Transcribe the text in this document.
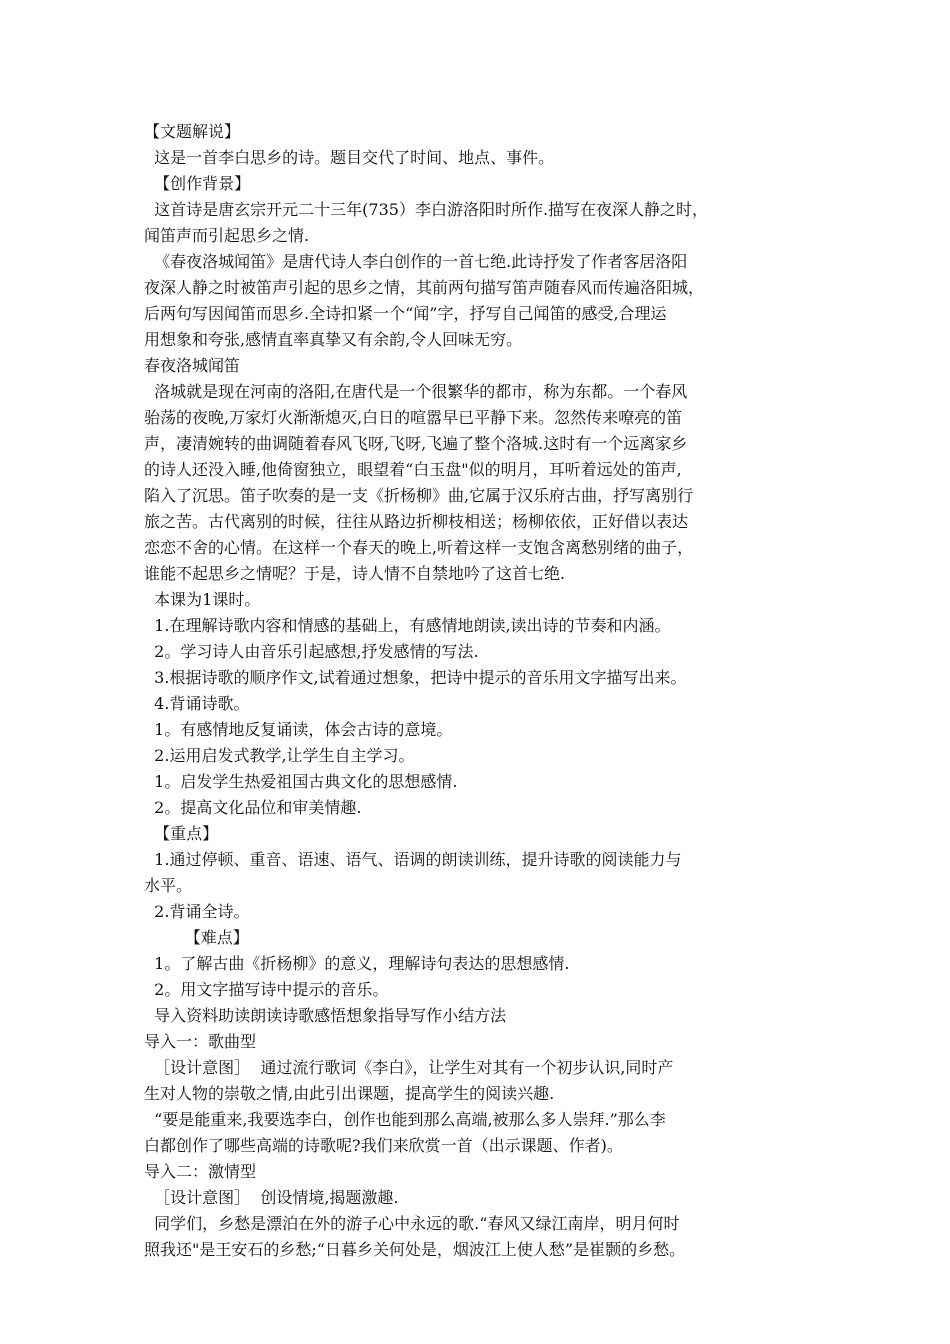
【文题解说】
这是一首李白思乡的诗。题目交代了时间、地点、事件。
【创作背景】
这首诗是唐玄宗开元二十三年(735）李白游洛阳时所作.描写在夜深人静之时，
闻笛声而引起思乡之情.
《春夜洛城闻笛》是唐代诗人李白创作的一首七绝.此诗抒发了作者客居洛阳
夜深人静之时被笛声引起的思乡之情，其前两句描写笛声随春风而传遍洛阳城，
后两句写因闻笛而思乡.全诗扣紧一个“闻”字，抒写自己闻笛的感受,合理运
用想象和夸张,感情直率真挚又有余韵,令人回味无穷。
春夜洛城闻笛
洛城就是现在河南的洛阳,在唐代是一个很繁华的都市，称为东都。一个春风
骀荡的夜晚,万家灯火渐渐熄灭,白日的喧嚣早已平静下来。忽然传来嘹亮的笛
声，凄清婉转的曲调随着春风飞呀,飞呀,飞遍了整个洛城.这时有一个远离家乡
的诗人还没入睡,他倚窗独立，眼望着“白玉盘"似的明月，耳听着远处的笛声,
陷入了沉思。笛子吹奏的是一支《折杨柳》曲,它属于汉乐府古曲，抒写离别行
旅之苦。古代离别的时候，往往从路边折柳枝相送；杨柳依依，正好借以表达
恋恋不舍的心情。在这样一个春天的晚上,听着这样一支饱含离愁别绪的曲子，
谁能不起思乡之情呢？于是，诗人情不自禁地吟了这首七绝.
本课为1课时。
1.在理解诗歌内容和情感的基础上，有感情地朗读,读出诗的节奏和内涵。
2。学习诗人由音乐引起感想,抒发感情的写法.
3.根据诗歌的顺序作文,试着通过想象，把诗中提示的音乐用文字描写出来。
4.背诵诗歌。
1。有感情地反复诵读，体会古诗的意境。
2.运用启发式教学,让学生自主学习。
1。启发学生热爱祖国古典文化的思想感情.
2。提高文化品位和审美情趣.
【重点】
1.通过停顿、重音、语速、语气、语调的朗读训练，提升诗歌的阅读能力与
水平。
2.背诵全诗。
【难点】
1。了解古曲《折杨柳》的意义，理解诗句表达的思想感情.
2。用文字描写诗中提示的音乐。
导入资料助读朗读诗歌感悟想象指导写作小结方法
导入一：歌曲型
［设计意图］  通过流行歌词《李白》，让学生对其有一个初步认识,同时产
生对人物的崇敬之情,由此引出课题，提高学生的阅读兴趣.
“要是能重来,我要选李白，创作也能到那么高端,被那么多人崇拜.”那么李
白都创作了哪些高端的诗歌呢?我们来欣赏一首（出示课题、作者)。
导入二：激情型
［设计意图］  创设情境,揭题激趣.
同学们，乡愁是漂泊在外的游子心中永远的歌.“春风又绿江南岸，明月何时
照我还"是王安石的乡愁;“日暮乡关何处是，烟波江上使人愁”是崔颢的乡愁。
